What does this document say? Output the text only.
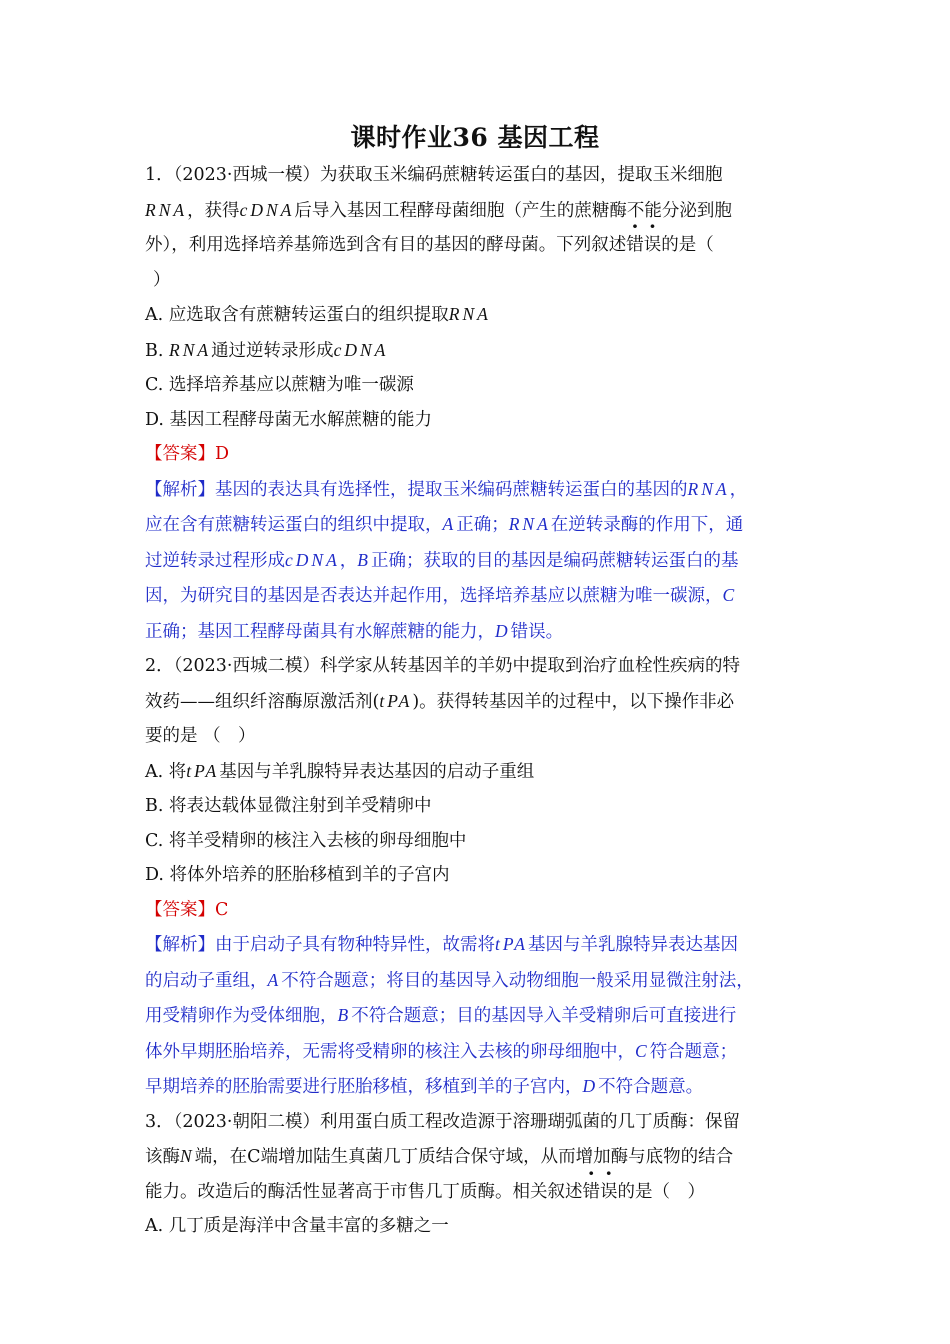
课时作业36 基因工程
1．（2023·西城一模）为获取玉米编码蔗糖转运蛋白的基因，提取玉米细胞
RNA，获得cDNA后导入基因工程酵母菌细胞（产生的蔗糖酶不能分泌到胞
外），利用选择培养基筛选到含有目的基因的酵母菌。下列叙述错误的是（
）
A. 应选取含有蔗糖转运蛋白的组织提取RNA
B. RNA通过逆转录形成cDNA
C. 选择培养基应以蔗糖为唯一碳源
D. 基因工程酵母菌无水解蔗糖的能力
【答案】D
【解析】基因的表达具有选择性，提取玉米编码蔗糖转运蛋白的基因的RNA，
应在含有蔗糖转运蛋白的组织中提取，A正确；RNA在逆转录酶的作用下，通
过逆转录过程形成cDNA，B正确；获取的目的基因是编码蔗糖转运蛋白的基
因，为研究目的基因是否表达并起作用，选择培养基应以蔗糖为唯一碳源，C
正确；基因工程酵母菌具有水解蔗糖的能力，D错误。
2．（2023·西城二模）科学家从转基因羊的羊奶中提取到治疗血栓性疾病的特
效药——组织纤溶酶原激活剂(tPA)。获得转基因羊的过程中，以下操作非必
要的是 （　）
A. 将tPA基因与羊乳腺特异表达基因的启动子重组
B. 将表达载体显微注射到羊受精卵中
C. 将羊受精卵的核注入去核的卵母细胞中
D. 将体外培养的胚胎移植到羊的子宫内
【答案】C
【解析】由于启动子具有物种特异性，故需将tPA基因与羊乳腺特异表达基因
的启动子重组，A不符合题意；将目的基因导入动物细胞一般采用显微注射法，
用受精卵作为受体细胞，B不符合题意；目的基因导入羊受精卵后可直接进行
体外早期胚胎培养，无需将受精卵的核注入去核的卵母细胞中，C符合题意；
早期培养的胚胎需要进行胚胎移植，移植到羊的子宫内，D不符合题意。
3．（2023·朝阳二模）利用蛋白质工程改造源于溶珊瑚弧菌的几丁质酶：保留
该酶N端，在C端增加陆生真菌几丁质结合保守域，从而增加酶与底物的结合
能力。改造后的酶活性显著高于市售几丁质酶。相关叙述错误的是（　）
A. 几丁质是海洋中含量丰富的多糖之一
